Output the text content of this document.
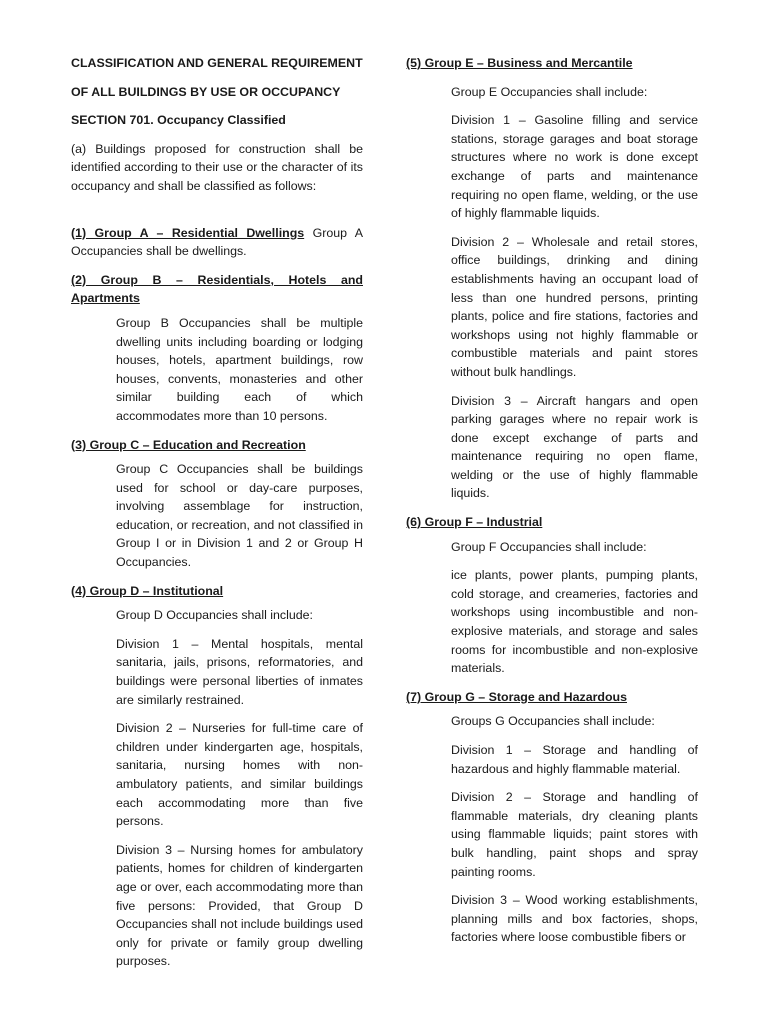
CLASSIFICATION AND GENERAL REQUIREMENT

OF ALL BUILDINGS BY USE OR OCCUPANCY

SECTION 701. Occupancy Classified

(a) Buildings proposed for construction shall be identified according to their use or the character of its occupancy and shall be classified as follows:

(1) Group A – Residential Dwellings Group A Occupancies shall be dwellings.

(2) Group B – Residentials, Hotels and Apartments

Group B Occupancies shall be multiple dwelling units including boarding or lodging houses, hotels, apartment buildings, row houses, convents, monasteries and other similar building each of which accommodates more than 10 persons.

(3) Group C – Education and Recreation

Group C Occupancies shall be buildings used for school or day-care purposes, involving assemblage for instruction, education, or recreation, and not classified in Group I or in Division 1 and 2 or Group H Occupancies.

(4) Group D – Institutional

Group D Occupancies shall include:

Division 1 – Mental hospitals, mental sanitaria, jails, prisons, reformatories, and buildings were personal liberties of inmates are similarly restrained.

Division 2 – Nurseries for full-time care of children under kindergarten age, hospitals, sanitaria, nursing homes with non-ambulatory patients, and similar buildings each accommodating more than five persons.

Division 3 – Nursing homes for ambulatory patients, homes for children of kindergarten age or over, each accommodating more than five persons: Provided, that Group D Occupancies shall not include buildings used only for private or family group dwelling purposes.

(5) Group E – Business and Mercantile

Group E Occupancies shall include:

Division 1 – Gasoline filling and service stations, storage garages and boat storage structures where no work is done except exchange of parts and maintenance requiring no open flame, welding, or the use of highly flammable liquids.

Division 2 – Wholesale and retail stores, office buildings, drinking and dining establishments having an occupant load of less than one hundred persons, printing plants, police and fire stations, factories and workshops using not highly flammable or combustible materials and paint stores without bulk handlings.

Division 3 – Aircraft hangars and open parking garages where no repair work is done except exchange of parts and maintenance requiring no open flame, welding or the use of highly flammable liquids.

(6) Group F – Industrial

Group F Occupancies shall include:

ice plants, power plants, pumping plants, cold storage, and creameries, factories and workshops using incombustible and non-explosive materials, and storage and sales rooms for incombustible and non-explosive materials.

(7) Group G – Storage and Hazardous

Groups G Occupancies shall include:

Division 1 – Storage and handling of hazardous and highly flammable material.

Division 2 – Storage and handling of flammable materials, dry cleaning plants using flammable liquids; paint stores with bulk handling, paint shops and spray painting rooms.

Division 3 – Wood working establishments, planning mills and box factories, shops, factories where loose combustible fibers or
